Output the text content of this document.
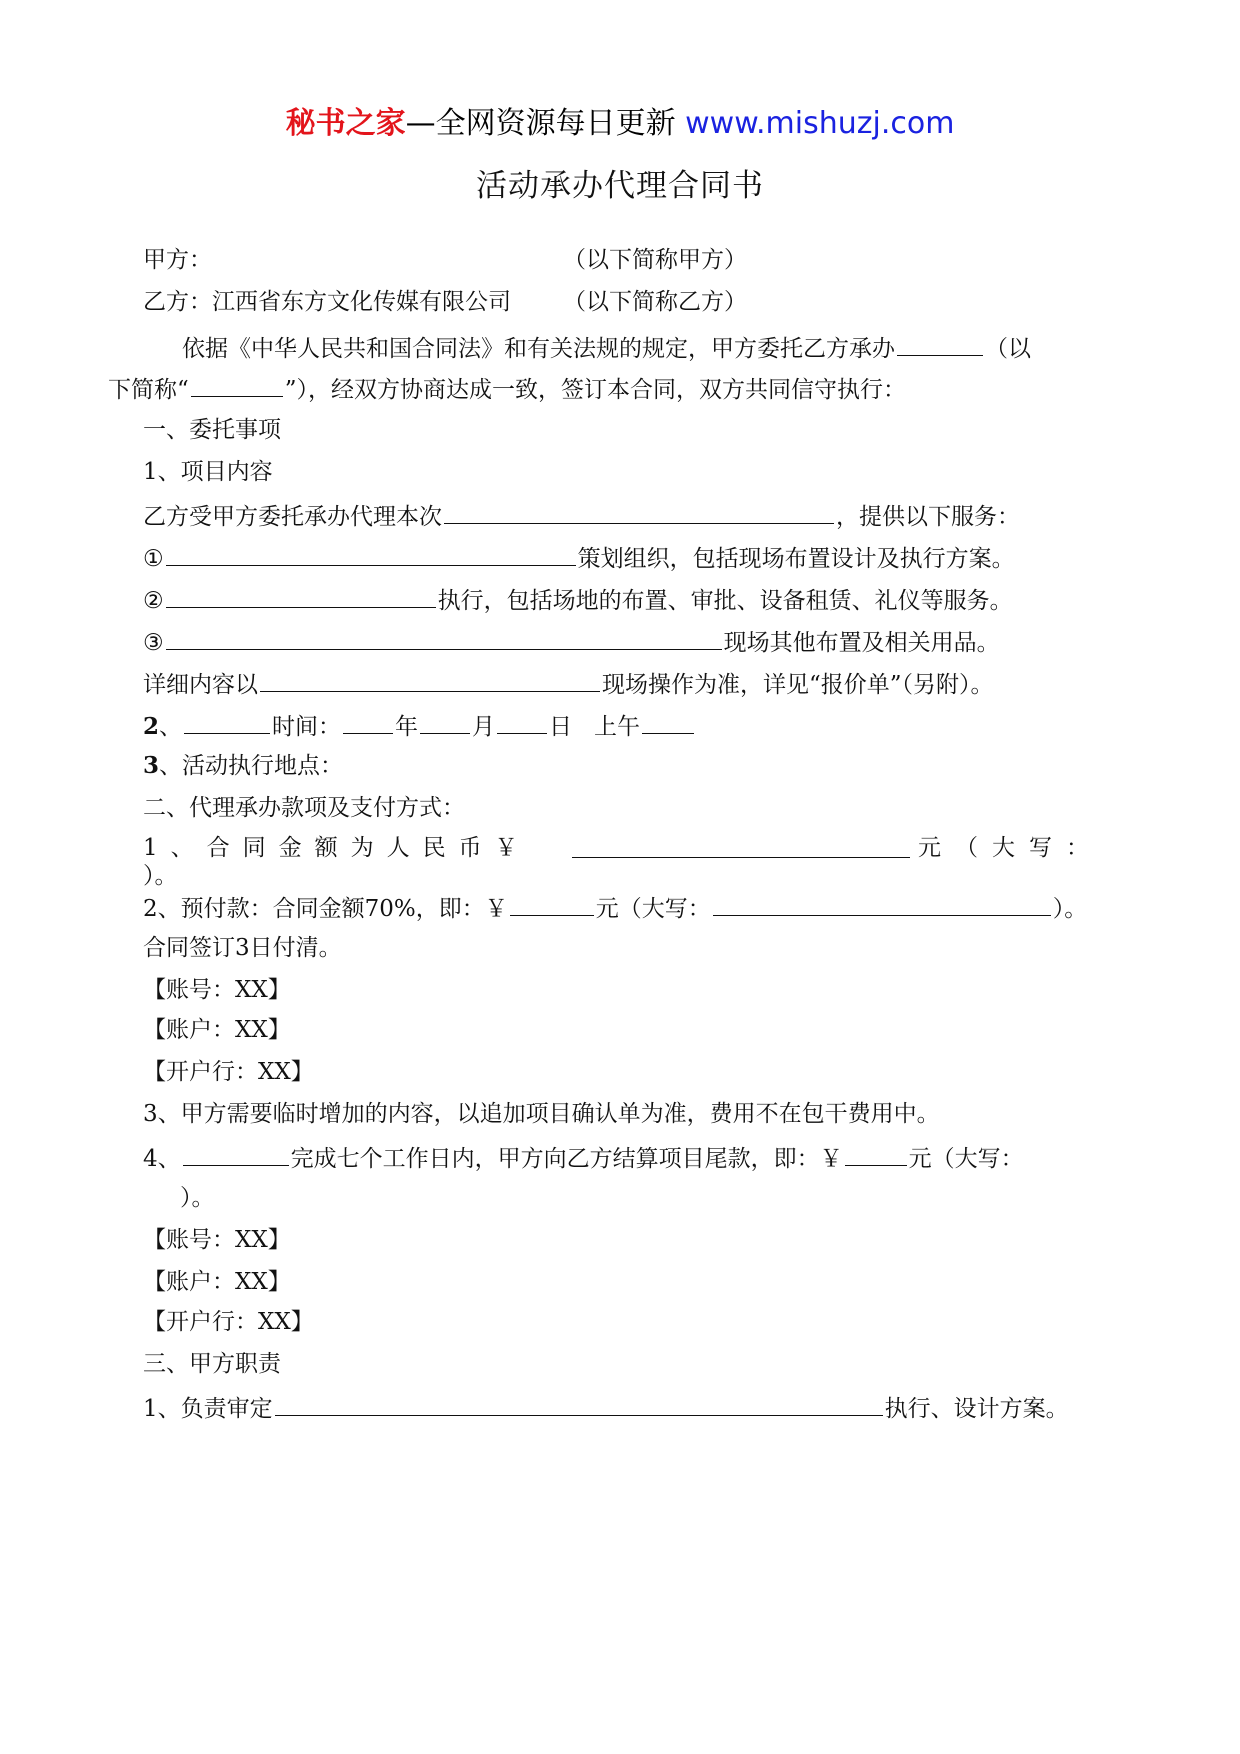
秘书之家—全网资源每日更新 www.mishuzj.com
活动承办代理合同书
甲方：	（以下简称甲方）
乙方：江西省东方文化传媒有限公司 （以下简称乙方）
依据《中华人民共和国合同法》和有关法规的规定，甲方委托乙方承办	（以
下简称“	”），经双方协商达成一致，签订本合同，双方共同信守执行：
一、委托事项
1、项目内容
乙方受甲方委托承办代理本次	，提供以下服务：
①	策划组织，包括现场布置设计及执行方案。
②	执行，包括场地的布置、审批、设备租赁、礼仪等服务。
③	现场其他布置及相关用品。
详细内容以	现场操作为准，详见“报价单”（另附）。
2、	时间： 年 月 日 上午
3、活动执行地点：
二、代理承办款项及支付方式：
1、合同金额为人民币￥	元（大写：
）。
2、预付款：合同金额70%，即：￥	元（大写：	）。
合同签订3日付清。
【账号：XX】
【账户：XX】
【开户行：XX】
3、甲方需要临时增加的内容，以追加项目确认单为准，费用不在包干费用中。
4、	完成七个工作日内，甲方向乙方结算项目尾款，即：￥	元（大写：
）。
【账号：XX】
【账户：XX】
【开户行：XX】
三、甲方职责
1、负责审定	执行、设计方案。
